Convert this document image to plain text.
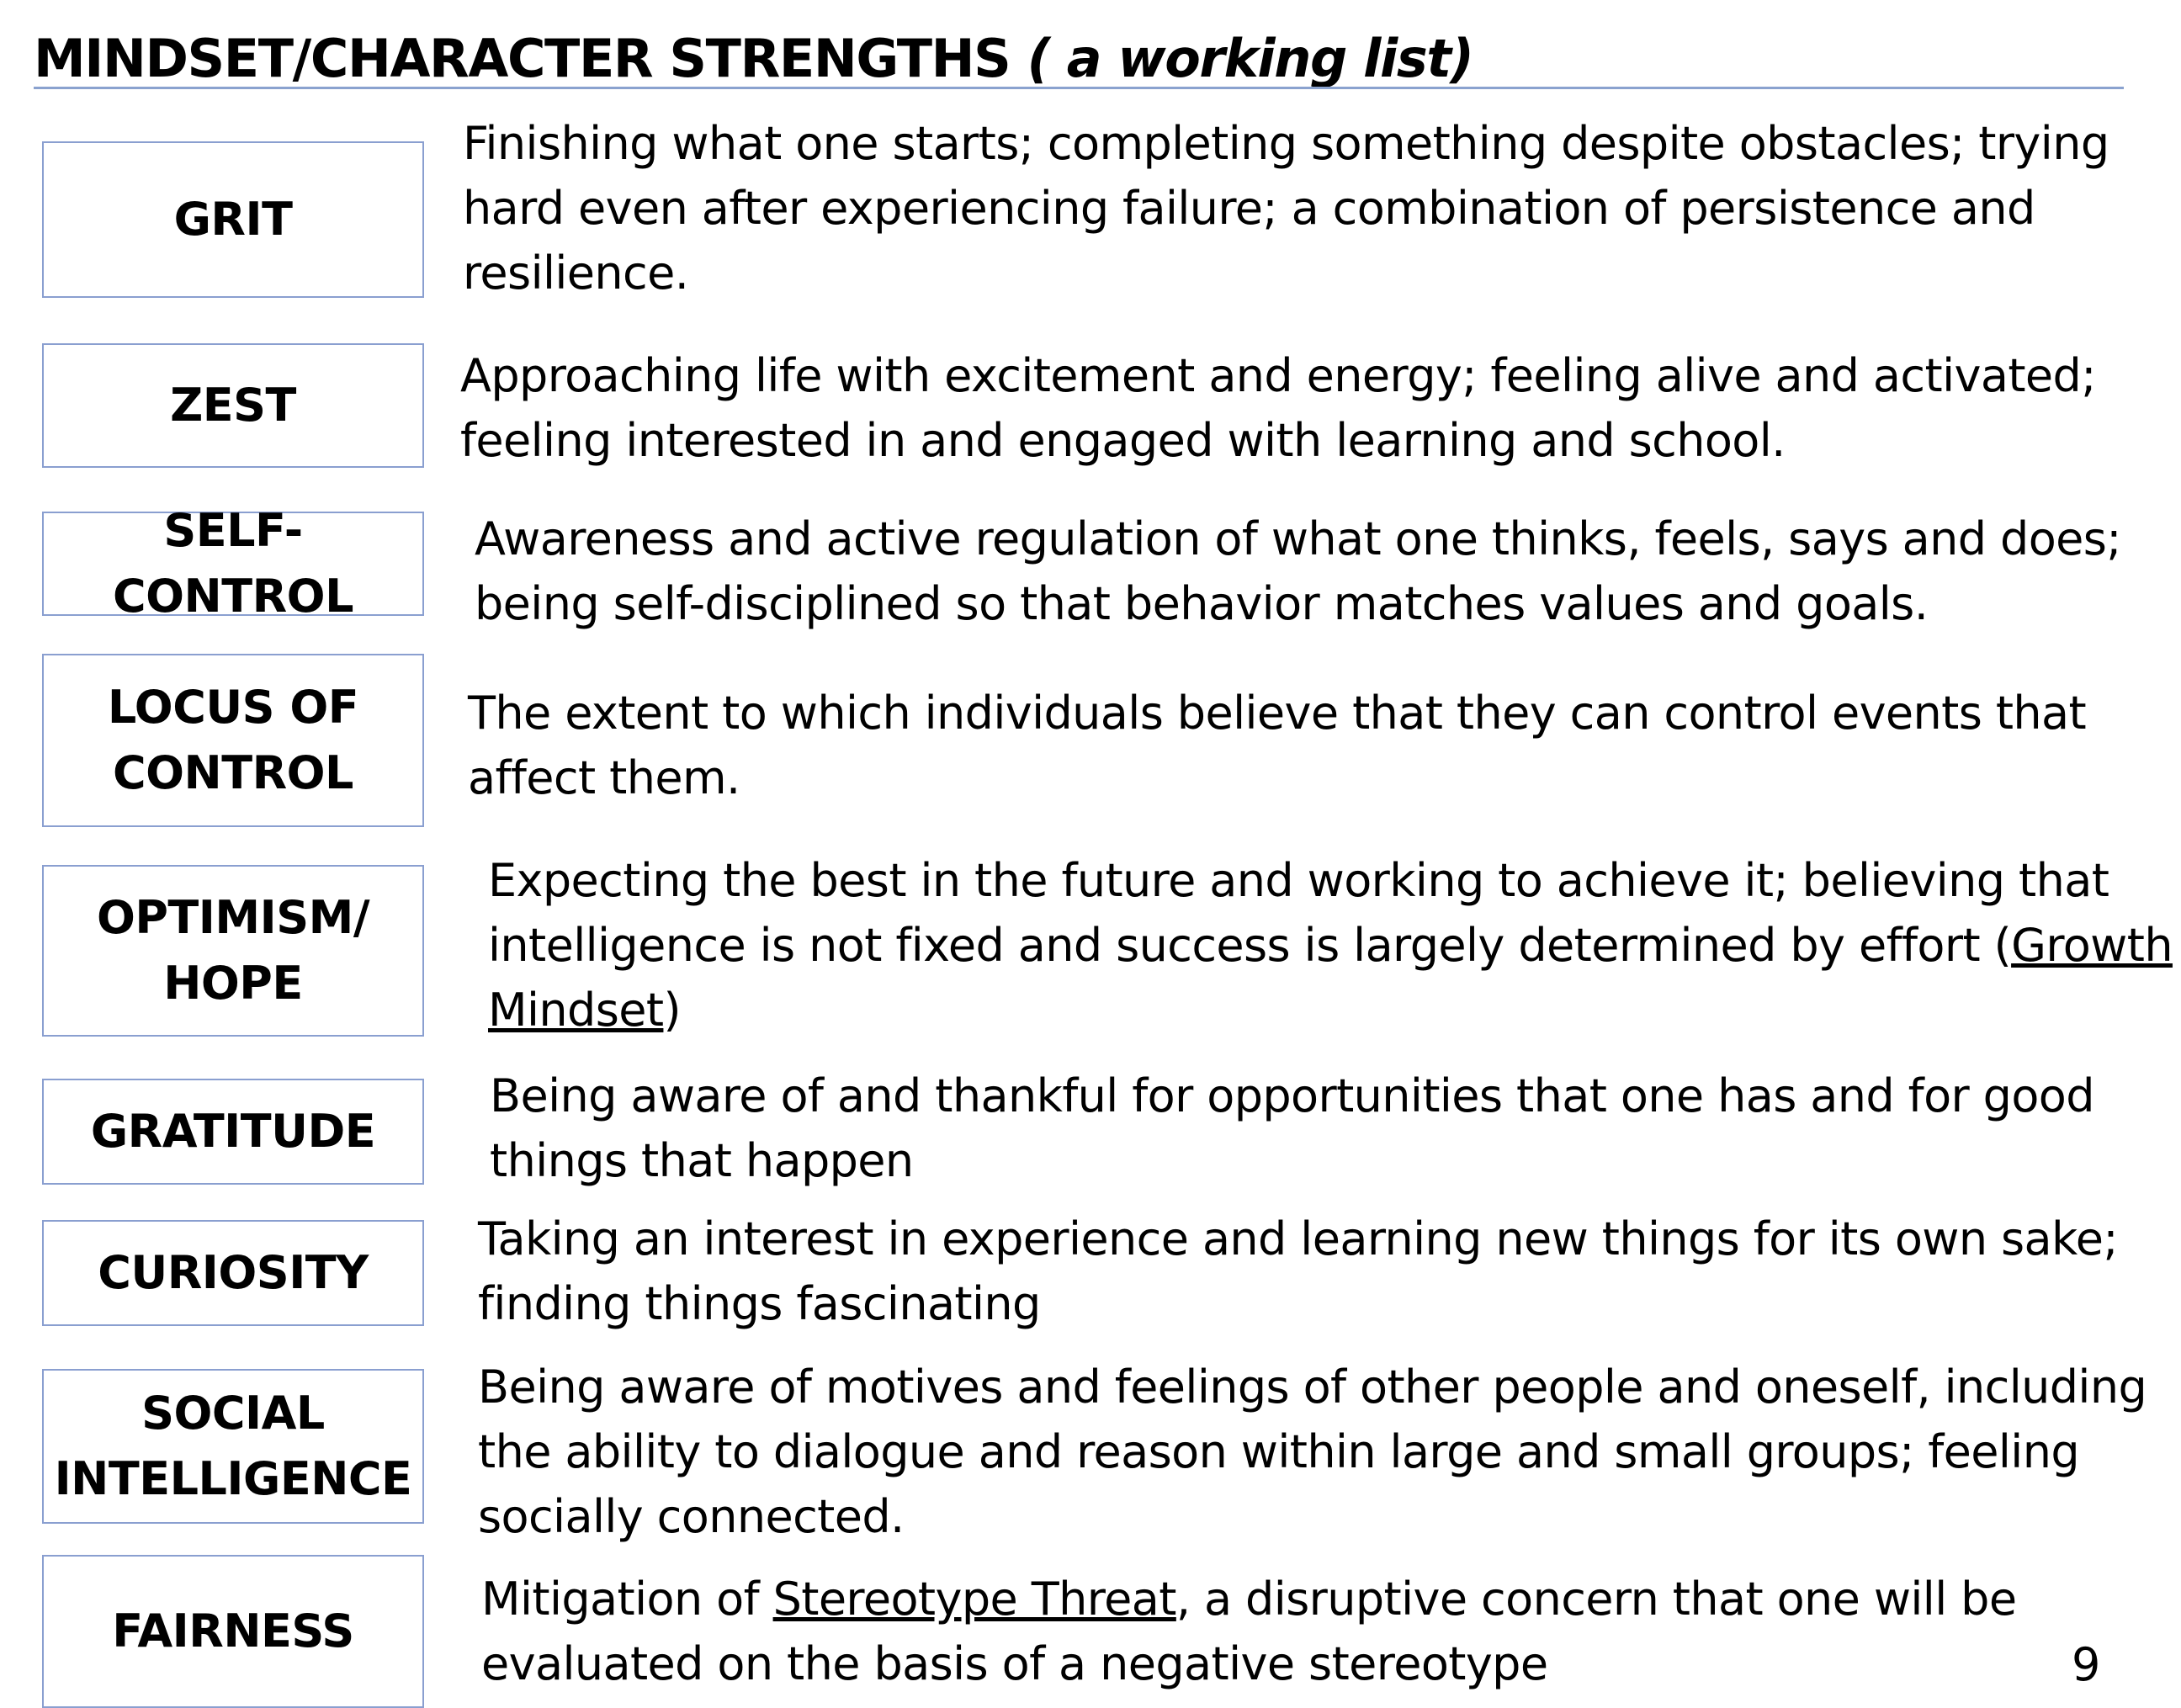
MINDSET/CHARACTER STRENGTHS ( a working list)
GRIT
Finishing what one starts; completing something despite obstacles; trying hard even after experiencing failure; a combination of persistence and resilience.
ZEST
Approaching life with excitement and energy; feeling alive and activated; feeling interested in and engaged with learning and school.
SELF-CONTROL
Awareness and active regulation of what one thinks, feels, says and does; being self-disciplined so that behavior matches values and goals.
LOCUS OF
CONTROL
The extent to which individuals believe that they can control events that affect them.
OPTIMISM/
HOPE
Expecting the best in the future and working to achieve it; believing that intelligence is not fixed and success is largely determined by effort (Growth Mindset)
GRATITUDE
Being aware of and thankful for opportunities that one has and for good things that happen
CURIOSITY
Taking an interest in experience and learning new things for its own sake; finding things fascinating
SOCIAL
INTELLIGENCE
Being aware of motives and feelings of other people and oneself, including the ability to dialogue and reason within large and small groups; feeling socially connected.
FAIRNESS
Mitigation of Stereotype Threat, a disruptive concern that one will be evaluated on the basis of a negative stereotype	9
